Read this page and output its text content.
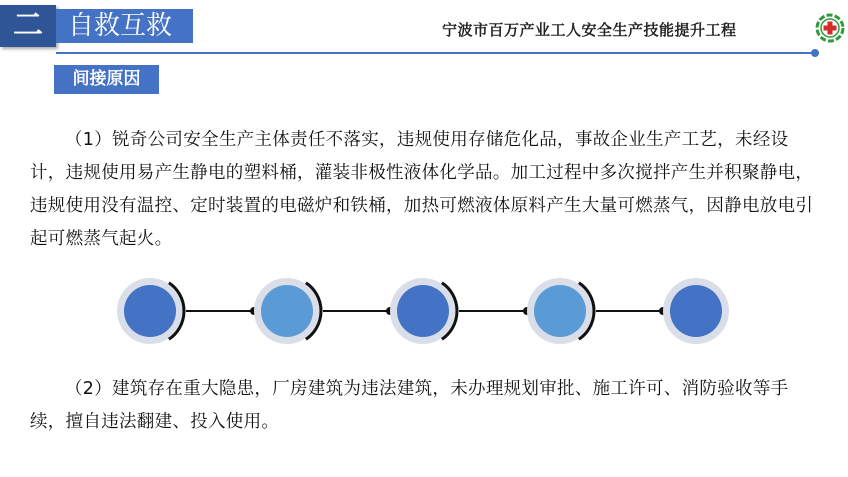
二 自救互救	宁波市百万产业工人安全生产技能提升工程
间接原因

（1）锐奇公司安全生产主体责任不落实，违规使用存储危化品，事故企业生产工艺，未经设计，违规使用易产生静电的塑料桶，灌装非极性液体化学品。加工过程中多次搅拌产生并积聚静电，违规使用没有温控、定时装置的电磁炉和铁桶，加热可燃液体原料产生大量可燃蒸气，因静电放电引起可燃蒸气起火。

（2）建筑存在重大隐患，厂房建筑为违法建筑，未办理规划审批、施工许可、消防验收等手续，擅自违法翻建、投入使用。
